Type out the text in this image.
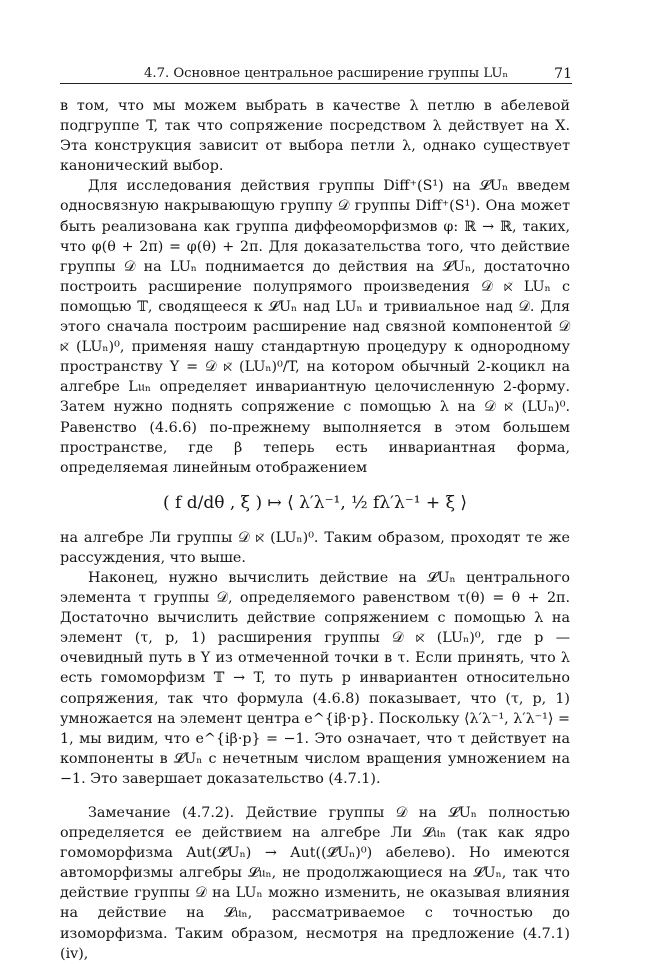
4.7. Основное центральное расширение группы LUₙ	71

в том, что мы можем выбрать в качестве λ петлю в абелевой подгруппе T, так что сопряжение посредством λ действует на X. Эта конструкция зависит от выбора петли λ, однако существует канонический выбор.

Для исследования действия группы Diff⁺(S¹) на 𝓛Uₙ введем односвязную накрывающую группу 𝒟 группы Diff⁺(S¹). Она может быть реализована как группа диффеоморфизмов φ: ℝ → ℝ, таких, что φ(θ + 2π) = φ(θ) + 2π. Для доказательства того, что действие группы 𝒟 на LUₙ поднимается до действия на 𝓛Uₙ, достаточно построить расширение полупрямого произведения 𝒟 ⋉̃ LUₙ с помощью 𝕋, сводящееся к 𝓛Uₙ над LUₙ и тривиальное над 𝒟. Для этого сначала построим расширение над связной компонентой 𝒟 ⋉̃ (LUₙ)⁰, применяя нашу стандартную процедуру к однородному пространству Y = 𝒟 ⋉̃ (LUₙ)⁰/T, на котором обычный 2-коцикл на алгебре L𝔲ₙ определяет инвариантную целочисленную 2-форму. Затем нужно поднять сопряжение с помощью λ на 𝒟 ⋉̃ (LUₙ)⁰. Равенство (4.6.6) по-прежнему выполняется в этом большем пространстве, где β теперь есть инвариантная форма, определяемая линейным отображением

( f d/dθ , ξ ) ↦ ⟨ λ′λ⁻¹, ½ fλ′λ⁻¹ + ξ ⟩

на алгебре Ли группы 𝒟 ⋉̃ (LUₙ)⁰. Таким образом, проходят те же рассуждения, что выше.

Наконец, нужно вычислить действие на 𝓛Uₙ центрального элемента τ группы 𝒟, определяемого равенством τ(θ) = θ + 2π. Достаточно вычислить действие сопряжением с помощью λ на элемент (τ, p, 1) расширения группы 𝒟 ⋉̃ (LUₙ)⁰, где p — очевидный путь в Y из отмеченной точки в τ. Если принять, что λ есть гомоморфизм 𝕋 → T, то путь p инвариантен относительно сопряжения, так что формула (4.6.8) показывает, что (τ, p, 1) умножается на элемент центра e^{iβ·p}. Поскольку ⟨λ′λ⁻¹, λ′λ⁻¹⟩ = 1, мы видим, что e^{iβ·p} = −1. Это означает, что τ действует на компоненты в 𝓛Uₙ с нечетным числом вращения умножением на −1. Это завершает доказательство (4.7.1).

Замечание (4.7.2). Действие группы 𝒟 на 𝓛Uₙ полностью определяется ее действием на алгебре Ли 𝓛𝔲ₙ (так как ядро гомоморфизма Aut(𝓛̃Uₙ) → Aut((𝓛̃Uₙ)⁰) абелево). Но имеются автоморфизмы алгебры 𝓛𝔲ₙ, не продолжающиеся на 𝓛Uₙ, так что действие группы 𝒟 на LUₙ можно изменить, не оказывая влияния на действие на 𝓛𝔲ₙ, рассматриваемое с точностью до изоморфизма. Таким образом, несмотря на предложение (4.7.1) (iv),
